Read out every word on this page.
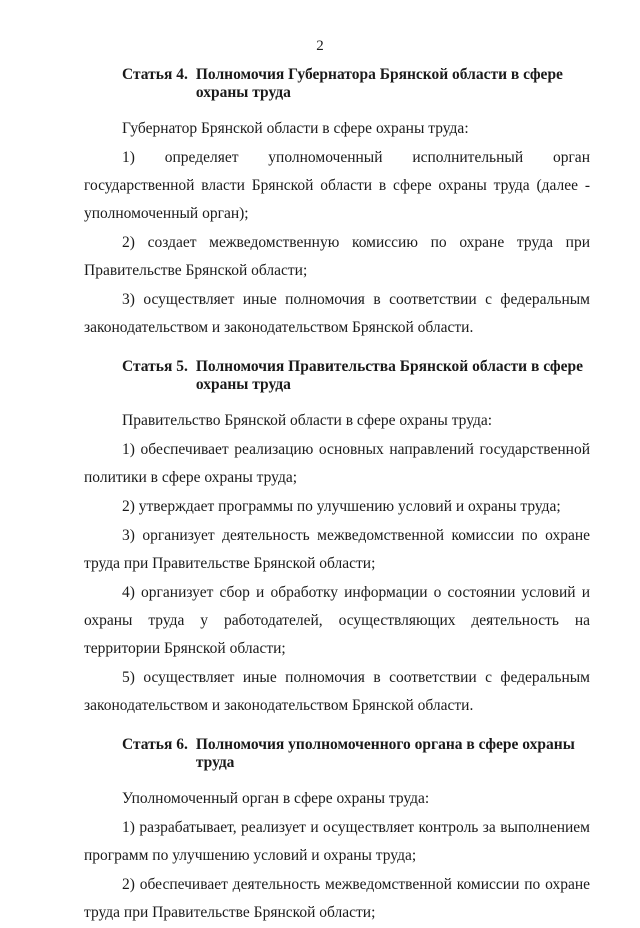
2
Статья 4. Полномочия Губернатора Брянской области в сфере охраны труда

Губернатор Брянской области в сфере охраны труда:

1) определяет уполномоченный исполнительный орган государственной власти Брянской области в сфере охраны труда (далее - уполномоченный орган);

2) создает межведомственную комиссию по охране труда при Правительстве Брянской области;

3) осуществляет иные полномочия в соответствии с федеральным законодательством и законодательством Брянской области.

Статья 5. Полномочия Правительства Брянской области в сфере охраны труда

Правительство Брянской области в сфере охраны труда:

1) обеспечивает реализацию основных направлений государственной политики в сфере охраны труда;

2) утверждает программы по улучшению условий и охраны труда;

3) организует деятельность межведомственной комиссии по охране труда при Правительстве Брянской области;

4) организует сбор и обработку информации о состоянии условий и охраны труда у работодателей, осуществляющих деятельность на территории Брянской области;

5) осуществляет иные полномочия в соответствии с федеральным законодательством и законодательством Брянской области.

Статья 6. Полномочия уполномоченного органа в сфере охраны труда

Уполномоченный орган в сфере охраны труда:

1) разрабатывает, реализует и осуществляет контроль за выполнением программ по улучшению условий и охраны труда;

2) обеспечивает деятельность межведомственной комиссии по охране труда при Правительстве Брянской области;
